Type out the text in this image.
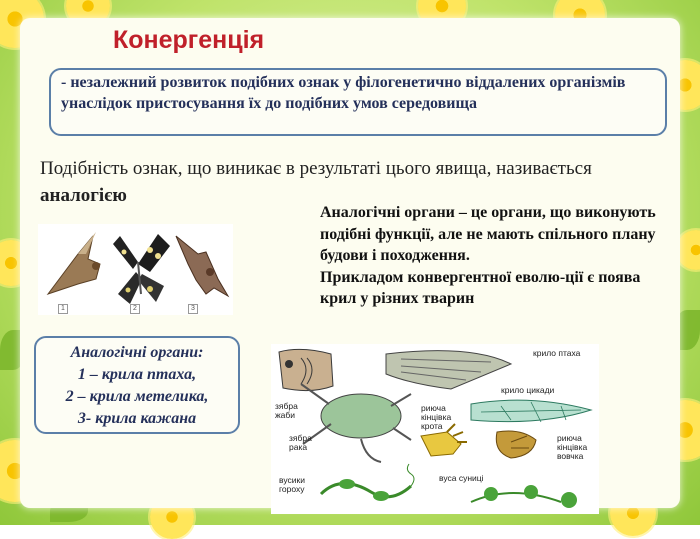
Конергенція
- незалежний розвиток подібних ознак у філогенетично віддалених організмів унаслідок пристосування їх до подібних умов середовища
Подібність ознак, що виникає в результаті цього явища, називається аналогією
Аналогічні органи – це органи, що виконують подібні функції, але не мають спільного плану будови і походження.
Прикладом конвергентної еволю-ції є поява крил у різних тварин
1	2	3
Аналогічні органи:
1 – крила птаха,
2 – крила метелика,
3- крила кажана
крило птаха
крило цикади
зябра жаби
зябра рака
риюча кінцівка крота
риюча кінцівка вовчка
вусики гороху
вуса суниці
